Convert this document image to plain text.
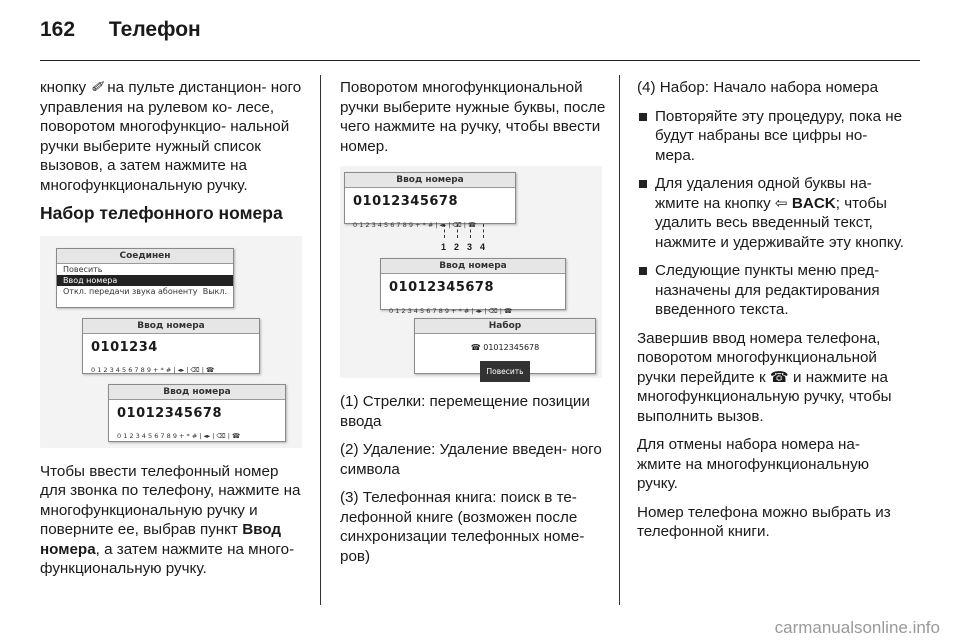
162 Телефон

кнопку ✐ на пульте дистанцион- ного управления на рулевом ко- лесе, поворотом многофункцио- нальной ручки выберите нужный список вызовов, а затем нажмите на многофункциональную ручку.

Набор телефонного номера
Соединен
Повесить
Ввод номера
Откл. передачи звука абоненту Выкл.
Ввод номера
0101234
0 1 2 3 4 5 6 7 8 9 + * # | ◂▸ | ⌫ | ☎
Ввод номера
01012345678
0 1 2 3 4 5 6 7 8 9 + * # | ◂▸ | ⌫ | ☎

Чтобы ввести телефонный номер для звонка по телефону, нажмите на многофункциональную ручку и поверните ее, выбрав пункт Ввод номера, а затем нажмите на много- функциональную ручку.

Поворотом многофункциональной ручки выберите нужные буквы, после чего нажмите на ручку, чтобы ввести номер.

Ввод номера
01012345678
0 1 2 3 4 5 6 7 8 9 + * # | ◂▸ | ⌫ | ☎
1234
Ввод номера
01012345678
0 1 2 3 4 5 6 7 8 9 + * # | ◂▸ | ⌫ | ☎
Набор
☎ 01012345678
Повесить

(1) Стрелки: перемещение позиции ввода

(2) Удаление: Удаление введен- ного символа

(3) Телефонная книга: поиск в те- лефонной книге (возможен после синхронизации телефонных номе- ров)

(4) Набор: Начало набора номера

Повторяйте эту процедуру, пока не будут набраны все цифры но- мера.
Для удаления одной буквы на- жмите на кнопку ⇦ BACK; чтобы удалить весь введенный текст, нажмите и удерживайте эту кнопку.
Следующие пункты меню пред- назначены для редактирования введенного текста.

Завершив ввод номера телефона, поворотом многофункциональной ручки перейдите к ☎ и нажмите на многофункциональную ручку, чтобы выполнить вызов.

Для отмены набора номера на- жмите на многофункциональную ручку.

Номер телефона можно выбрать из телефонной книги.

carmanualsonline.info
